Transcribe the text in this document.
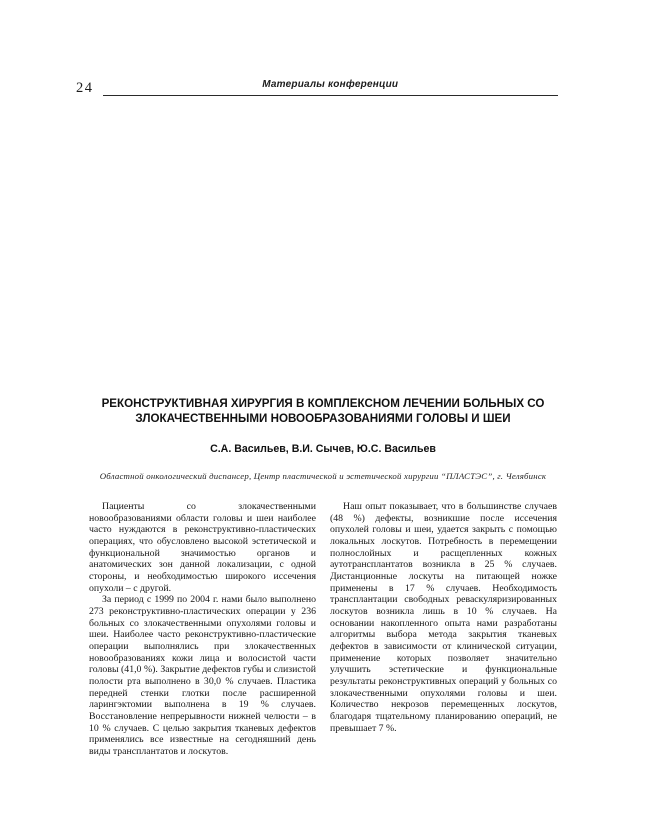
24	Материалы конференции
РЕКОНСТРУКТИВНАЯ ХИРУРГИЯ В КОМПЛЕКСНОМ ЛЕЧЕНИИ БОЛЬНЫХ СО ЗЛОКАЧЕСТВЕННЫМИ НОВООБРАЗОВАНИЯМИ ГОЛОВЫ И ШЕИ
С.А. Васильев, В.И. Сычев, Ю.С. Васильев
Областной онкологический диспансер, Центр пластической и эстетической хирургии “ПЛАСТЭС”, г. Челябинск

Пациенты со злокачественными новообразованиями области головы и шеи наиболее часто нуждаются в реконструктивно-пластических операциях, что обусловлено высокой эстетической и функциональной значимостью органов и анатомических зон данной локализации, с одной стороны, и необходимостью широкого иссечения опухоли – с другой.

За период с 1999 по 2004 г. нами было выполнено 273 реконструктивно-пластических операции у 236 больных со злокачественными опухолями головы и шеи. Наиболее часто реконструктивно-пластические операции выполнялись при злокачественных новообразованиях кожи лица и волосистой части головы (41,0 %). Закрытие дефектов губы и слизистой полости рта выполнено в 30,0 % случаев. Пластика передней стенки глотки после расширенной ларингэктомии выполнена в 19 % случаев. Восстановление непрерывности нижней челюсти – в 10 % случаев. С целью закрытия тканевых дефектов применялись все известные на сегодняшний день виды трансплантатов и лоскутов.

Наш опыт показывает, что в большинстве случаев (48 %) дефекты, возникшие после иссечения опухолей головы и шеи, удается закрыть с помощью локальных лоскутов. Потребность в перемещении полнослойных и расщепленных кожных аутотрансплантатов возникла в 25 % случаев. Дистанционные лоскуты на питающей ножке применены в 17 % случаев. Необходимость трансплантации свободных реваскуляризированных лоскутов возникла лишь в 10 % случаев. На основании накопленного опыта нами разработаны алгоритмы выбора метода закрытия тканевых дефектов в зависимости от клинической ситуации, применение которых позволяет значительно улучшить эстетические и функциональные результаты реконструктивных операций у больных со злокачественными опухолями головы и шеи. Количество некрозов перемещенных лоскутов, благодаря тщательному планированию операций, не превышает 7 %.
